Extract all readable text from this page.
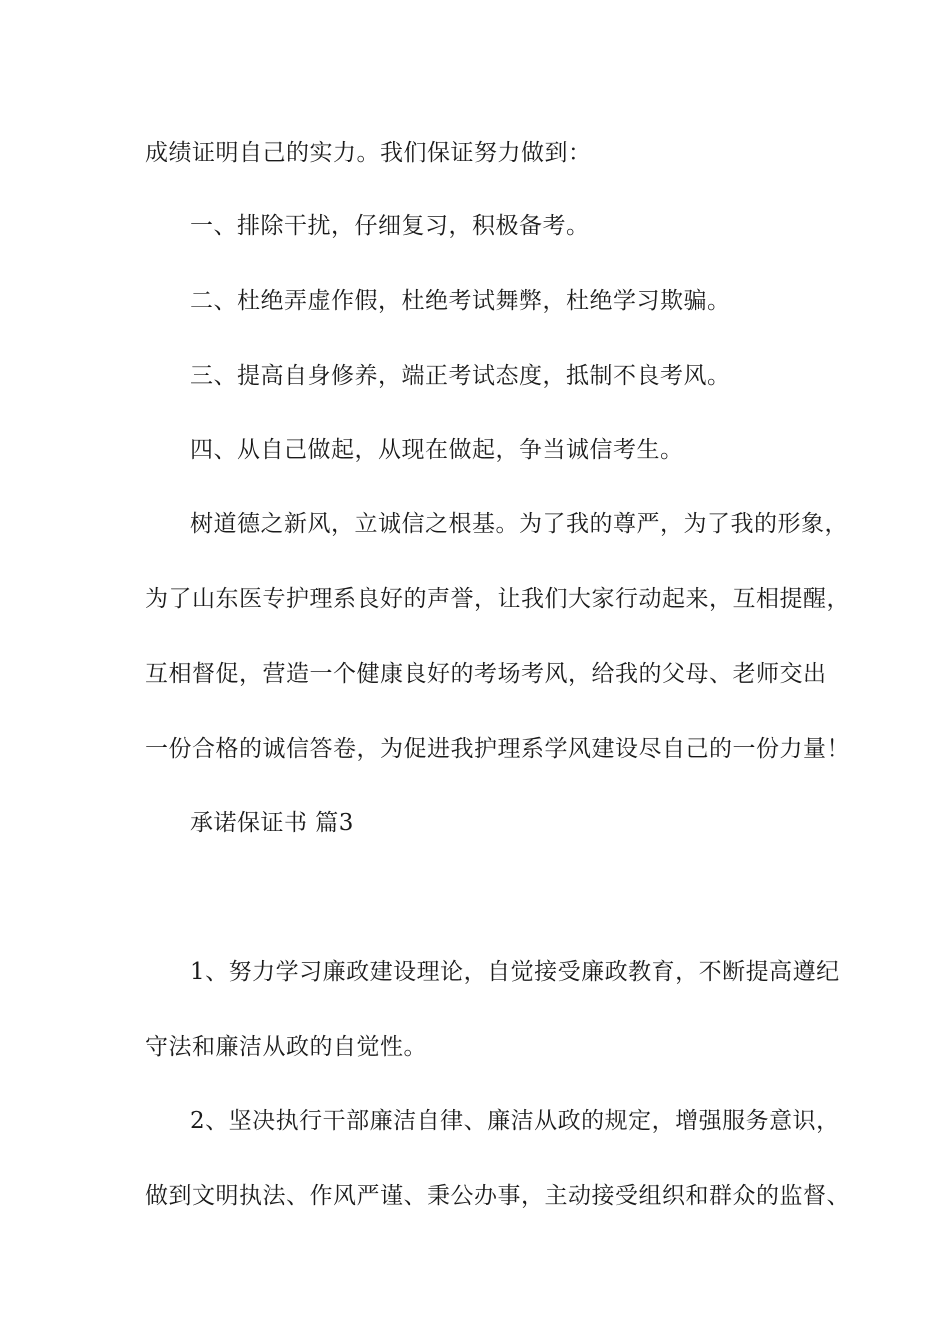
成绩证明自己的实力。我们保证努力做到：
一、排除干扰，仔细复习，积极备考。
二、杜绝弄虚作假，杜绝考试舞弊，杜绝学习欺骗。
三、提高自身修养，端正考试态度，抵制不良考风。
四、从自己做起，从现在做起，争当诚信考生。
树道德之新风，立诚信之根基。为了我的尊严，为了我的形象，
为了山东医专护理系良好的声誉，让我们大家行动起来，互相提醒，
互相督促，营造一个健康良好的考场考风，给我的父母、老师交出
一份合格的诚信答卷，为促进我护理系学风建设尽自己的一份力量！
承诺保证书 篇3
1、努力学习廉政建设理论，自觉接受廉政教育，不断提高遵纪
守法和廉洁从政的自觉性。
2、坚决执行干部廉洁自律、廉洁从政的规定，增强服务意识，
做到文明执法、作风严谨、秉公办事，主动接受组织和群众的监督、
